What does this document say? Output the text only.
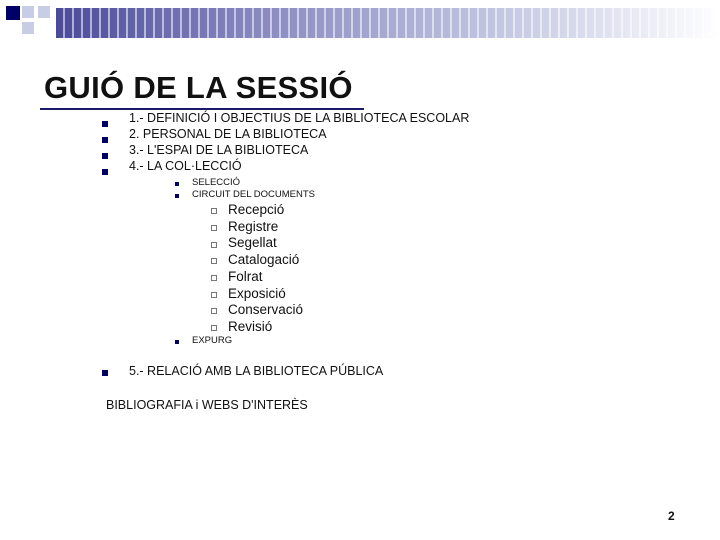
GUIÓ DE LA SESSIÓ
1.- DEFINICIÓ I OBJECTIUS DE LA BIBLIOTECA ESCOLAR
2. PERSONAL DE LA BIBLIOTECA
3.- L'ESPAI DE LA BIBLIOTECA
4.- LA COL·LECCIÓ
SELECCIÓ
CIRCUIT DEL DOCUMENTS
Recepció
Registre
Segellat
Catalogació
Folrat
Exposició
Conservació
Revisió
EXPURG
5.- RELACIÓ AMB LA BIBLIOTECA PÚBLICA
BIBLIOGRAFIA i WEBS D'INTERÈS
2
